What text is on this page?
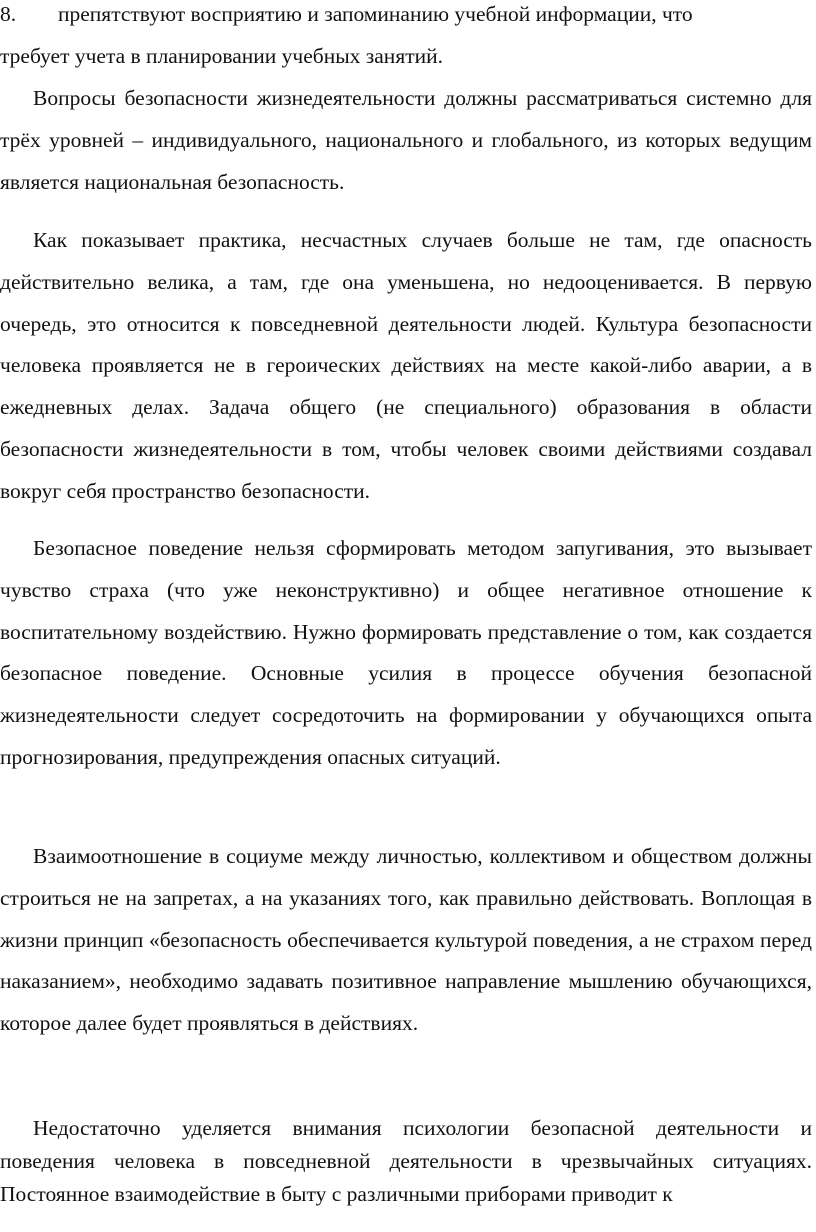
8. препятствуют восприятию и запоминанию учебной информации, что

требует учета в планировании учебных занятий.

Вопросы безопасности жизнедеятельности должны рассматриваться системно для трёх уровней – индивидуального, национального и глобального, из которых ведущим является национальная безопасность.

Как показывает практика, несчастных случаев больше не там, где опасность действительно велика, а там, где она уменьшена, но недооценивается. В первую очередь, это относится к повседневной деятельности людей. Культура безопасности человека проявляется не в героических действиях на месте какой-либо аварии, а в ежедневных делах. Задача общего (не специального) образования в области безопасности жизнедеятельности в том, чтобы человек своими действиями создавал вокруг себя пространство безопасности.

Безопасное поведение нельзя сформировать методом запугивания, это вызывает чувство страха (что уже неконструктивно) и общее негативное отношение к воспитательному воздействию. Нужно формировать представление о том, как создается безопасное поведение. Основные усилия в процессе обучения безопасной жизнедеятельности следует сосредоточить на формировании у обучающихся опыта прогнозирования, предупреждения опасных ситуаций.

Взаимоотношение в социуме между личностью, коллективом и обществом должны строиться не на запретах, а на указаниях того, как правильно действовать. Воплощая в жизни принцип «безопасность обеспечивается культурой поведения, а не страхом перед наказанием», необходимо задавать позитивное направление мышлению обучающихся, которое далее будет проявляться в действиях.

Недостаточно уделяется внимания психологии безопасной деятельности и поведения человека в повседневной деятельности в чрезвычайных ситуациях. Постоянное взаимодействие в быту с различными приборами приводит к
